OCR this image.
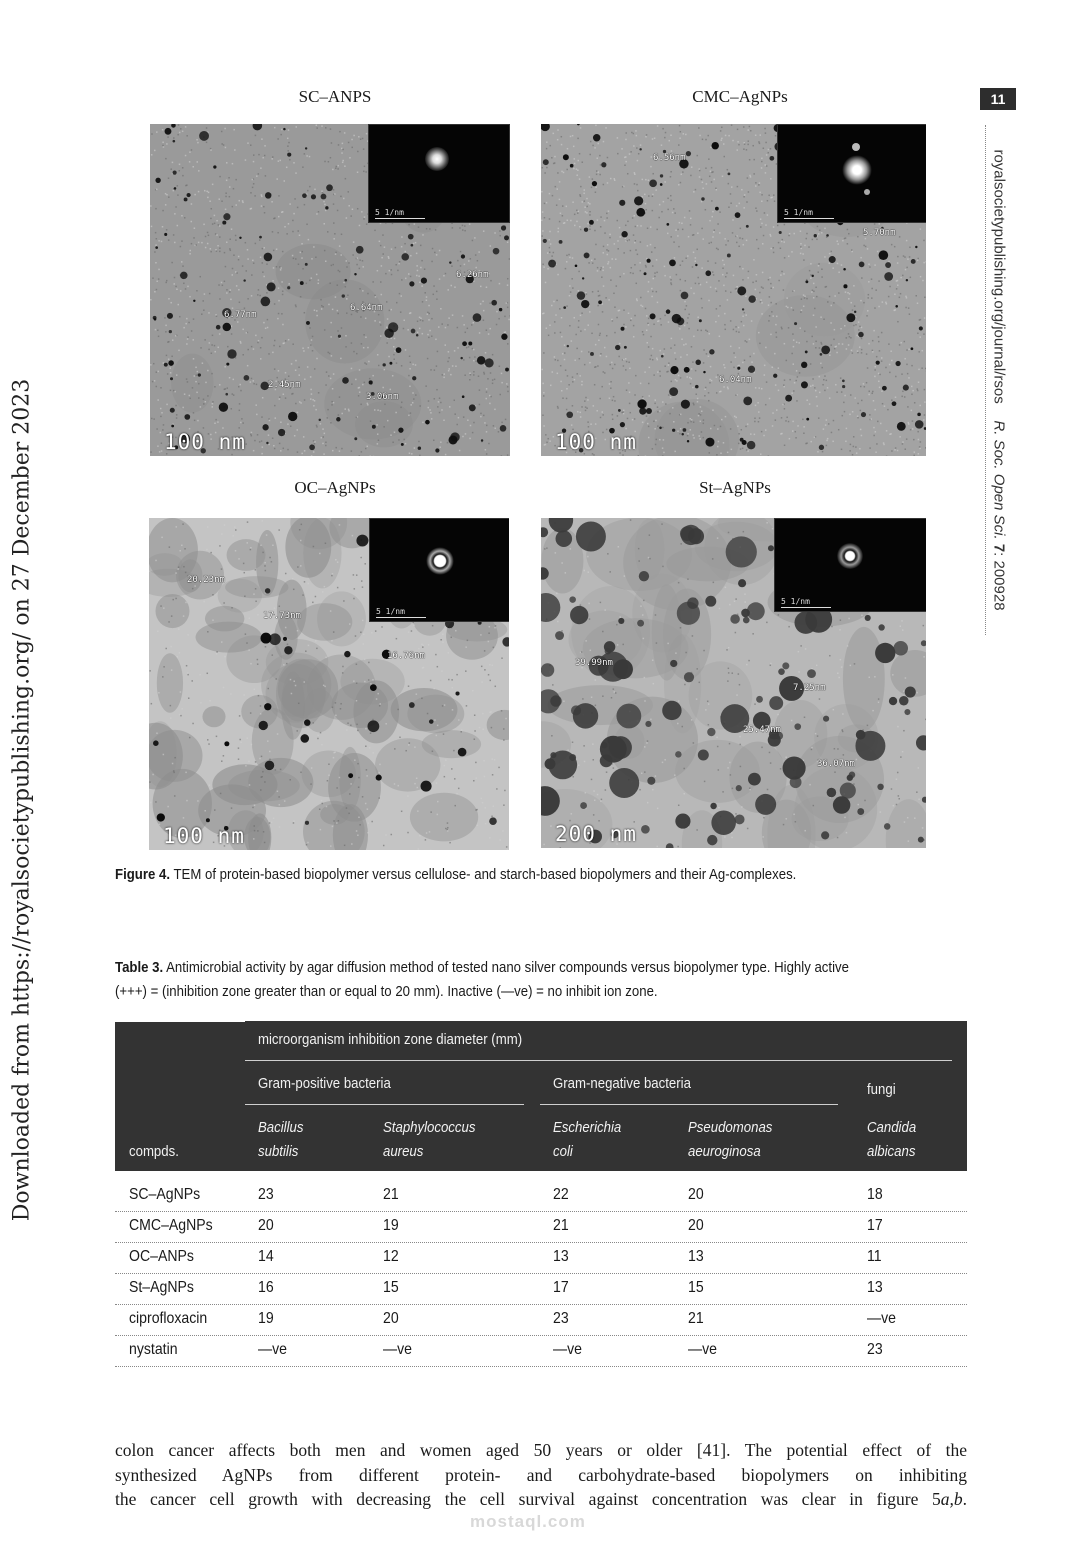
Downloaded from https://royalsocietypublishing.org/ on 27 December 2023
11
royalsocietypublishing.org/journal/rsos    R. Soc. Open Sci. 7: 200928
SC–ANPS	CMC–AgNPs
OC–AgNPs	St–AgNPs
5 1/nm
6.26nm
6.77nm
6.64nm
2.45nm
3.06nm
100 nm
5 1/nm
6.56nm
5.70nm
6.04nm
100 nm
5 1/nm
20.23nm
17.73nm
16.76nm
100 nm
5 1/nm
39.99nm
7.25nm
25.47nm
36.07nm
200 nm
Figure 4. TEM of protein-based biopolymer versus cellulose- and starch-based biopolymers and their Ag-complexes.
Table 3. Antimicrobial activity by agar diffusion method of tested nano silver compounds versus biopolymer type. Highly active
(+++) = (inhibition zone greater than or equal to 20 mm). Inactive (—ve) = no inhibit ion zone.
microorganism inhibition zone diameter (mm)
Gram-positive bacteria	Gram-negative bacteria	fungi
compds.
Bacillus
subtilis
Staphylococcus
aureus
Escherichia
coli
Pseudomonas
aeuroginosa
Candida
albicans
SC–AgNPs	23	21	22	20	18
CMC–AgNPs	20	19	21	20	17
OC–ANPs	14	12	13	13	11
St–AgNPs	16	15	17	15	13
ciprofloxacin	19	20	23	21	—ve
nystatin	—ve	—ve	—ve	—ve	23
colon cancer affects both men and women aged 50 years or older [41]. The potential effect of the
synthesized AgNPs from different protein- and carbohydrate-based biopolymers on inhibiting
the cancer cell growth with decreasing the cell survival against concentration was clear in figure 5a,b.
mostaql.com
